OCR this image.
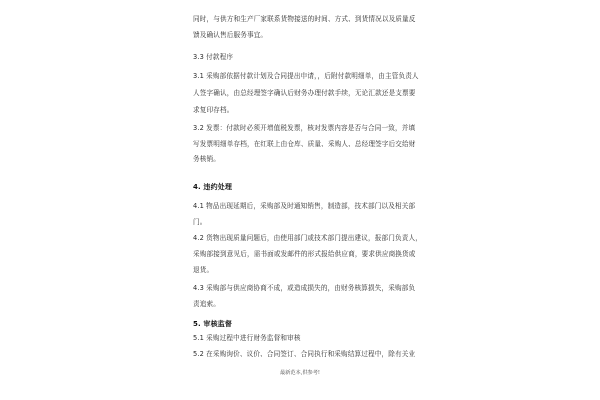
同时，与供方和生产厂家联系货物接送的时间、方式、到货情况以及质量反
馈及确认售后服务事宜。
3.3 付款程序
3.1 采购部依据付款计划及合同提出申请，，后附付款明细单，由主管负责人
人签字确认，由总经理签字确认后财务办理付款手续，无论汇款还是支票要
求复印存档。
3.2 发票：付款时必须开增值税发票，核对发票内容是否与合同一致，并填
写发票明细单存档，在红联上由仓库、质量、采购人、总经理签字后交给财
务核销。
4. 违约处理
4.1 物品出现延期后，采购部及时通知销售，制造部，技术部门以及相关部
门。
4.2 货物出现质量问题后，由使用部门或技术部门提出建议，报部门负责人，
采购部接到意见后，需书面或发邮件的形式报给供应商，要求供应商换货或
退货。
4.3 采购部与供应商协商不成，或造成损失的，由财务核算损失，采购部负
责追索。
5. 审核监督
5.1 采购过程中进行财务监督和审核
5.2 在采购询价、议价、合同签订、合同执行和采购结算过程中，除有关业
最新范本,供参考!
